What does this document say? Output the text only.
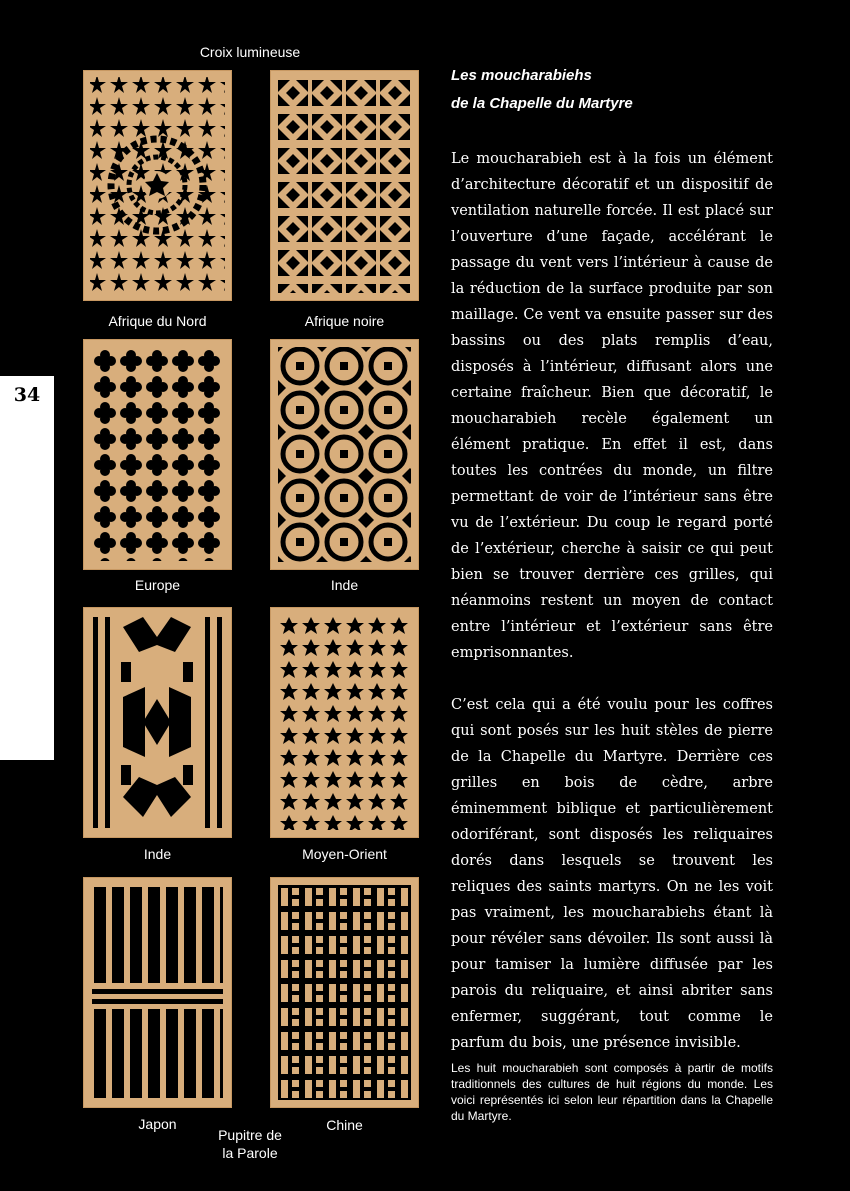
34
Croix lumineuse
Afrique du Nord	Afrique noire
Europe	Inde
Inde	Moyen-Orient
Japon	Chine
Pupitre de
la Parole

Les moucharabiehs

de la Chapelle du Martyre

Le moucharabieh est à la fois un élément d’architecture décoratif et un dispositif de ventilation naturelle forcée. Il est placé sur l’ouverture d’une façade, accélérant le passage du vent vers l’intérieur à cause de la réduction de la surface produite par son maillage. Ce vent va ensuite passer sur des bassins ou des plats remplis d’eau, disposés à l’intérieur, diffusant alors une certaine fraîcheur. Bien que décoratif, le moucharabieh recèle également un élément pratique. En effet il est, dans toutes les contrées du monde, un filtre permettant de voir de l’intérieur sans être vu de l’extérieur. Du coup le regard porté de l’extérieur, cherche à saisir ce qui peut bien se trouver derrière ces grilles, qui néanmoins restent un moyen de contact entre l’intérieur et l’extérieur sans être emprisonnantes.

C’est cela qui a été voulu pour les coffres qui sont posés sur les huit stèles de pierre de la Chapelle du Martyre. Derrière ces grilles en bois de cèdre, arbre éminemment biblique et particulièrement odoriférant, sont disposés les reliquaires dorés dans lesquels se trouvent les reliques des saints martyrs. On ne les voit pas vraiment, les moucharabiehs étant là pour révéler sans dévoiler. Ils sont aussi là pour tamiser la lumière diffusée par les parois du reliquaire, et ainsi abriter sans enfermer, suggérant, tout comme le parfum du bois, une présence invisible.

Les huit moucharabieh sont composés à partir de motifs traditionnels des cultures de huit régions du monde. Les voici représentés ici selon leur répartition dans la Chapelle du Martyre.
